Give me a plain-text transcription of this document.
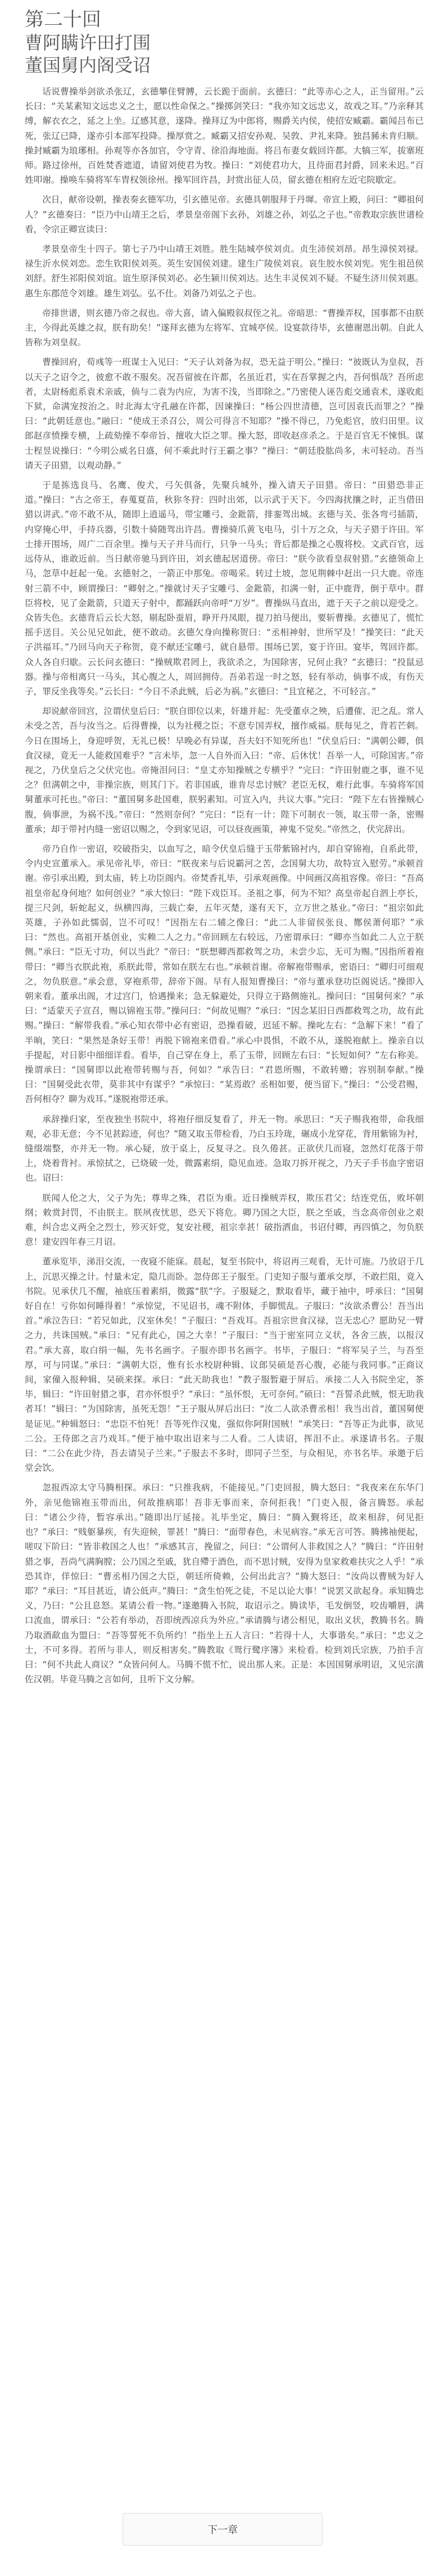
第二十回
曹阿瞒许田打围
董国舅内阁受诏

话说曹操举剑欲杀张辽，玄德攀住臂膊，云长跪于面前。玄德曰：“此等赤心之人，正当留用。”云长曰：“关某素知文远忠义之士，愿以性命保之。”操掷剑笑曰：“我亦知文远忠义，故戏之耳。”乃亲释其缚，解衣衣之，延之上坐。辽感其意，遂降。操拜辽为中郎将，赐爵关内侯，使招安臧霸。霸闻吕布已死，张辽已降，遂亦引本部军投降。操厚赏之。臧霸又招安孙观、吴敦、尹礼来降。独昌豨未肯归顺。操封臧霸为琅琊相。孙观等亦各加官，令守青、徐沿海地面。将吕布妻女载回许都。大犒三军，拔寨班师。路过徐州，百姓焚香遮道，请留刘使君为牧。操曰：“刘使君功大，且待面君封爵，回来未迟。”百姓叩谢。操唤车骑将军车胄权领徐州。操军回许昌，封赏出征人员，留玄德在相府左近宅院歇定。

次日，献帝设朝，操表奏玄德军功，引玄德见帝。玄德具朝服拜于丹墀。帝宣上殿，问曰：“卿祖何人？”玄德奏曰：“臣乃中山靖王之后，孝景皇帝阁下玄孙，刘雄之孙，刘弘之子也。”帝教取宗族世谱检看，令宗正卿宣读曰：

孝景皇帝生十四子。第七子乃中山靖王刘胜。胜生陆城亭侯刘贞。贞生沛侯刘昂。昂生漳侯刘禄。禄生沂水侯刘恋。恋生钦阳侯刘英。英生安国侯刘建。建生广陵侯刘哀。哀生胶水侯刘宪。宪生祖邑侯刘舒。舒生祁阳侯刘谊。谊生原泽侯刘必。必生颍川侯刘达。达生丰灵侯刘不疑。不疑生济川侯刘惠。惠生东郡范令刘雄。雄生刘弘。弘不仕。刘备乃刘弘之子也。

帝排世谱，则玄德乃帝之叔也。帝大喜，请入偏殿叙叔侄之礼。帝暗思：“曹操弄权，国事都不由朕主，今得此英雄之叔，朕有助矣！”遂拜玄德为左将军、宜城亭侯。设宴款待毕，玄德谢恩出朝。自此人皆称为刘皇叔。

曹操回府，荀彧等一班谋士入见曰：“天子认刘备为叔，恐无益于明公。”操曰：“彼既认为皇叔，吾以天子之诏令之，彼愈不敢不服矣。况吾留彼在许都，名虽近君，实在吾掌握之内，吾何惧哉？吾所虑者，太尉杨彪系袁术亲戚，倘与二袁为内应，为害不浅，当即除之。”乃密使人诬告彪交通袁术，遂收彪下狱，命满宠按治之。时北海太守孔融在许都，因谏操曰：“杨公四世清德，岂可因袁氏而罪之？”操曰：“此朝廷意也。”融曰：“使成王杀召公，周公可得言不知耶？”操不得已，乃免彪官，放归田里。议郎赵彦愤操专横，上疏劾操不奉帝旨、擅收大臣之罪。操大怒，即收赵彦杀之。于是百官无不悚惧。谋士程昱说操曰：“今明公威名日盛，何不乘此时行王霸之事？”操曰：“朝廷股肱尚多，未可轻动。吾当请天子田猎，以观动静。”

于是拣选良马、名鹰、俊犬，弓矢俱备，先聚兵城外，操入请天子田猎。帝曰：“田猎恐非正道。”操曰：“古之帝王，春蒐夏苗，秋狝冬狩：四时出郊，以示武于天下。今四海扰攘之时，正当借田猎以讲武。”帝不敢不从，随即上逍遥马，带宝雕弓、金鈚箭，排銮驾出城。玄德与关、张各弯弓插箭，内穿掩心甲，手持兵器，引数十骑随驾出许昌。曹操骑爪黄飞电马，引十万之众，与天子猎于许田。军士排开围场，周广二百余里。操与天子并马而行，只争一马头；背后都是操之心腹将校。文武百官，远远侍从，谁敢近前。当日献帝驰马到许田，刘玄德起居道傍。帝曰：“朕今欲看皇叔射猎。”玄德领命上马，忽草中赶起一兔。玄德射之，一箭正中那兔。帝喝采。转过土坡，忽见荆棘中赶出一只大鹿。帝连射三箭不中，顾谓操曰：“卿射之。”操就讨天子宝雕弓、金鈚箭，扣满一射，正中鹿背，倒于草中。群臣将校，见了金鈚箭，只道天子射中，都踊跃向帝呼“万岁”。曹操纵马直出，遮于天子之前以迎受之。众皆失色。玄德背后云长大怒，剔起卧蚕眉，睁开丹凤眼，提刀拍马便出，要斩曹操。玄德见了，慌忙摇手送目。关公见兄如此，便不敢动。玄德欠身向操称贺曰：“丞相神射，世所罕及！”操笑曰：“此天子洪福耳。”乃回马向天子称贺，竟不献还宝雕弓，就自悬带。围场已罢，宴于许田。宴毕，驾回许都。众人各自归歇。云长问玄德曰：“操贼欺君罔上，我欲杀之，为国除害，兄何止我？”玄德曰：“投鼠忌器。操与帝相离只一马头，其心腹之人，周回拥侍。吾弟若逞一时之怒，轻有举动，倘事不成，有伤天子，罪反坐我等矣。”云长曰：“今日不杀此贼，后必为祸。”玄德曰：“且宜秘之，不可轻言。”

却说献帝回宫，泣谓伏皇后曰：“朕自即位以来，奸雄并起：先受董卓之殃，后遭傕、汜之乱。常人未受之苦，吾与汝当之。后得曹操，以为社稷之臣；不意专国弄权，擅作威福。朕每见之，背若芒刺。今日在围场上，身迎呼贺，无礼已极！早晚必有异谋，吾夫妇不知死所也！”伏皇后曰：“满朝公卿，俱食汉禄，竟无一人能救国难乎？”言未毕，忽一人自外而入曰：“帝、后休忧！吾举一人，可除国害。”帝视之，乃伏皇后之父伏完也。帝掩泪问曰：“皇丈亦知操贼之专横乎？”完曰：“许田射鹿之事，谁不见之？但满朝之中，非操宗族，则其门下。若非国戚，谁肯尽忠讨贼？老臣无权，难行此事。车骑将军国舅董承可托也。”帝曰：“董国舅多赴国难，朕躬素知。可宣入内，共议大事。”完曰：“陛下左右皆操贼心腹，倘事泄，为祸不浅。”帝曰：“然则奈何？”完曰：“臣有一计：陛下可制衣一领，取玉带一条，密赐董承；却于带衬内缝一密诏以赐之，令到家见诏，可以昼夜画策，神鬼不觉矣。”帝然之，伏完辞出。

帝乃自作一密诏，咬破指尖，以血写之，暗令伏皇后缝于玉带紫锦衬内，却自穿锦袍，自系此带，令内史宣董承入。承见帝礼毕，帝曰：“朕夜来与后说霸河之苦，念国舅大功，故特宣入慰劳。”承顿首谢。帝引承出殿，到太庙，转上功臣阁内。帝焚香礼毕，引承观画像。中间画汉高祖容像。帝曰：“吾高祖皇帝起身何地？如何创业？”承大惊曰：“陛下戏臣耳。圣祖之事，何为不知？高皇帝起自泗上亭长，提三尺剑，斩蛇起义，纵横四海，三载亡秦，五年灭楚，遂有天下，立万世之基业。”帝曰：“祖宗如此英雄，子孙如此懦弱，岂不可叹！”因指左右二辅之像曰：“此二人非留侯张良、酂侯萧何耶？”承曰：“然也。高祖开基创业，实赖二人之力。”帝回顾左右较远，乃密谓承曰：“卿亦当如此二人立于朕侧。”承曰：“臣无寸功，何以当此？”帝曰：“朕想卿西都救驾之功，未尝少忘，无可为赐。”因指所着袍带曰：“卿当衣朕此袍，系朕此带，常如在朕左右也。”承顿首谢。帝解袍带赐承，密语曰：“卿归可细观之，勿负朕意。”承会意，穿袍系带，辞帝下阁。早有人报知曹操曰：“帝与董承登功臣阁说话。”操即入朝来看。董承出阁，才过宫门，恰遇操来；急无躲避处，只得立于路侧施礼。操问曰：“国舅何来？”承曰：“适蒙天子宣召，赐以锦袍玉带。”操问曰：“何故见赐？”承曰：“因念某旧日西都救驾之功，故有此赐。”操曰：“解带我看。”承心知衣带中必有密诏，恐操看破，迟延不解。操叱左右：“急解下来！”看了半晌，笑曰：“果然是条好玉带！再脱下锦袍来借看。”承心中畏惧，不敢不从，遂脱袍献上。操亲自以手提起，对日影中细细详看。看毕，自己穿在身上，系了玉带，回顾左右曰：“长短如何？”左右称美。操谓承曰：“国舅即以此袍带转赐与吾，何如？”承告曰：“君恩所赐，不敢转赠；容别制奉献。”操曰：“国舅受此衣带，莫非其中有谋乎？”承惊曰：“某焉敢？丞相如要，便当留下。”操曰：“公受君赐，吾何相夺？聊为戏耳。”遂脱袍带还承。

承辞操归家，至夜独坐书院中，将袍仔细反复看了，并无一物。承思曰：“天子赐我袍带，命我细观，必非无意；今不见甚踪迹，何也？”随又取玉带检看，乃白玉玲珑，碾成小龙穿花，背用紫锦为衬，缝缀端整，亦并无一物。承心疑，放于桌上，反复寻之。良久倦甚。正欲伏几而寝，忽然灯花落于带上，烧着背衬。承惊拭之，已烧破一处，微露素绢，隐见血迹。急取刀拆开视之，乃天子手书血字密诏也。诏曰：

朕闻人伦之大，父子为先；尊卑之殊，君臣为重。近日操贼弄权，欺压君父；结连党伍，败坏朝纲；敕赏封罚，不由朕主。朕夙夜忧思，恐天下将危。卿乃国之大臣，朕之至戚，当念高帝创业之艰难，纠合忠义两全之烈士，殄灭奸党，复安社稷，祖宗幸甚！破指洒血，书诏付卿，再四慎之，勿负朕意！建安四年春三月诏。

董承览毕，涕泪交流，一夜寝不能寐。晨起，复至书院中，将诏再三观看，无计可施。乃放诏于几上，沉思灭操之计。忖量未定，隐几而卧。忽侍郎王子服至。门吏知子服与董承交厚，不敢拦阻，竟入书院。见承伏几不醒，袖底压着素绢，微露“朕”字。子服疑之，默取看毕，藏于袖中，呼承曰：“国舅好自在！亏你如何睡得着！”承惊觉，不见诏书，魂不附体，手脚慌乱。子服曰：“汝欲杀曹公！吾当出首。”承泣告曰：“若兄如此，汉室休矣！”子服曰：“吾戏耳。吾祖宗世食汉禄，岂无忠心？愿助兄一臂之力，共诛国贼。”承曰：“兄有此心，国之大幸！”子服曰：“当于密室同立义状，各舍三族，以报汉君。”承大喜，取白绢一幅，先书名画字。子服亦即书名画字。书毕，子服曰：“将军吴子兰，与吾至厚，可与同谋。”承曰：“满朝大臣，惟有长水校尉种辑、议郎吴硕是吾心腹，必能与我同事。”正商议间，家僮入报种辑、吴硕来探。承曰：“此天助我也！”教子服暂避于屏后。承接二人入书院坐定，茶毕，辑曰：“许田射猎之事，君亦怀恨乎？”承曰：“虽怀恨，无可奈何。”硕曰：“吾誓杀此贼，恨无助我者耳！”辑曰：“为国除害，虽死无怨！”王子服从屏后出曰：“汝二人欲杀曹丞相！我当出首，董国舅便是证见。”种辑怒曰：“忠臣不怕死！吾等死作汉鬼，强似你阿附国贼！”承笑曰：“吾等正为此事，欲见二公。王侍郎之言乃戏耳。”便于袖中取出诏来与二人看。二人读诏，挥泪不止。承遂请书名。子服曰：“二公在此少待，吾去请吴子兰来。”子服去不多时，即同子兰至，与众相见，亦书名毕。承邀于后堂会饮。

忽报西凉太守马腾相探。承曰：“只推我病，不能接见。”门吏回报，腾大怒曰：“我夜来在东华门外，亲见他锦袍玉带而出，何故推病耶！吾非无事而来，奈何拒我！”门吏入报，备言腾怒。承起曰：“诸公少待，暂容承出。”随即出厅延接。礼毕坐定，腾曰：“腾入觐将还，故来相辞，何见拒也？”承曰：“贱躯暴疾，有失迎候，罪甚！”腾曰：“面带春色，未见病容。”承无言可答。腾拂袖便起，嗟叹下阶曰：“皆非救国之人也！”承感其言，挽留之，问曰：“公谓何人非救国之人？”腾曰：“许田射猎之事，吾尚气满胸膛；公乃国之至戚，犹自殢于酒色，而不思讨贼，安得为皇家救难扶灾之人乎！”承恐其诈，佯惊曰：“曹丞相乃国之大臣，朝廷所倚赖，公何出此言？”腾大怒曰：“汝尚以曹贼为好人耶？”承曰：“耳目甚近，请公低声。”腾曰：“贪生怕死之徒，不足以论大事！”说罢又欲起身。承知腾忠义，乃曰：“公且息怒。某请公看一物。”遂邀腾入书院，取诏示之。腾读毕，毛发倒竖，咬齿嚼唇，满口流血，谓承曰：“公若有举动，吾即统西凉兵为外应。”承请腾与诸公相见，取出义状，教腾书名。腾乃取酒歃血为盟曰：“吾等誓死不负所约！”指坐上五人言曰：“若得十人，大事谐矣。”承曰：“忠义之士，不可多得。若所与非人，则反相害矣。”腾教取《鸳行鹭序簿》来检看。检到刘氏宗族，乃拍手言曰：“何不共此人商议？”众皆问何人。马腾不慌不忙，说出那人来。正是：本因国舅承明诏，又见宗潢佐汉朝。毕竟马腾之言如何，且听下文分解。

下一章
